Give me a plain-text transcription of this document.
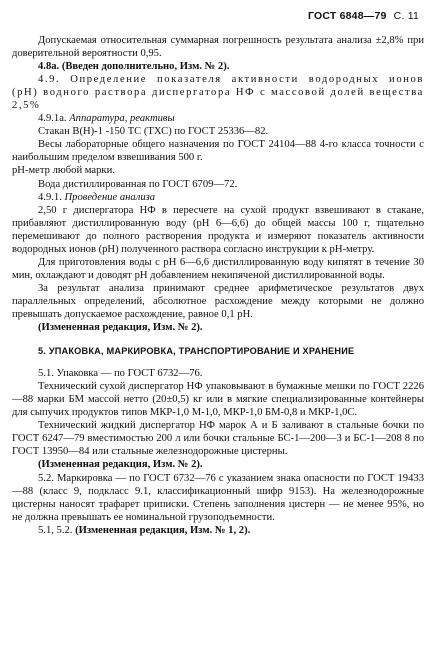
ГОСТ 6848—79 С. 11

Допускаемая относительная суммарная погрешность результата анализа ±2,8% при доверительной вероятности 0,95.

4.8а. (Введен дополнительно, Изм. № 2).

4.9. Определение показателя активности водородных ионов (рН) водного раствора диспергатора НФ с массовой долей вещества 2,5%

4.9.1а. Аппаратура, реактивы

Стакан В(Н)-1 -150 ТС (ТХС) по ГОСТ 25336—82.

Весы лабораторные общего назначения по ГОСТ 24104—88 4-го класса точности с наибольшим пределом взвешивания 500 г.

рН-метр любой марки.

Вода дистиллированная по ГОСТ 6709—72.

4.9.1. Проведение анализа

2,50 г диспергатора НФ в пересчете на сухой продукт взвешивают в стакане, прибавляют дистиллированную воду (рН 6—6,6) до общей массы 100 г, тщательно перемешивают до полного растворения продукта и измеряют показатель активности водородных ионов (рН) полученного раствора согласно инструкции к рН-метру.

Для приготовления воды с рН 6—6,6 дистиллированную воду кипятят в течение 30 мин, охлаждают и доводят рН добавлением некипяченой дистиллированной воды.

За результат анализа принимают среднее арифметическое результатов двух параллельных определений, абсолютное расхождение между которыми не должно превышать допускаемое расхождение, равное 0,1 рН.

(Измененная редакция, Изм. № 2).

5. УПАКОВКА, МАРКИРОВКА, ТРАНСПОРТИРОВАНИЕ И ХРАНЕНИЕ

5.1. Упаковка — по ГОСТ 6732—76.

Технический сухой диспергатор НФ упаковывают в бумажные мешки по ГОСТ 2226—88 марки БМ массой нетто (20±0,5) кг или в мягкие специализированные контейнеры для сыпучих продуктов типов МКР-1,0 М-1,0, МКР-1,0 БМ-0,8 и МКР-1,0С.

Технический жидкий диспергатор НФ марок А и Б заливают в стальные бочки по ГОСТ 6247—79 вместимостью 200 л или бочки стальные БС-1—200—3 и БС-1—208 8 по ГОСТ 13950—84 или стальные железнодорожные цистерны.

(Измененная редакция, Изм. № 2).

5.2. Маркировка — по ГОСТ 6732—76 с указанием знака опасности по ГОСТ 19433—88 (класс 9, подкласс 9.1, классификационный шифр 9153). На железнодорожные цистерны наносят трафарет приписки. Степень заполнения цистерн — не менее 95%, но не должна превышать ее номинальной грузоподъемности.

5.1, 5.2. (Измененная редакция, Изм. № 1, 2).
